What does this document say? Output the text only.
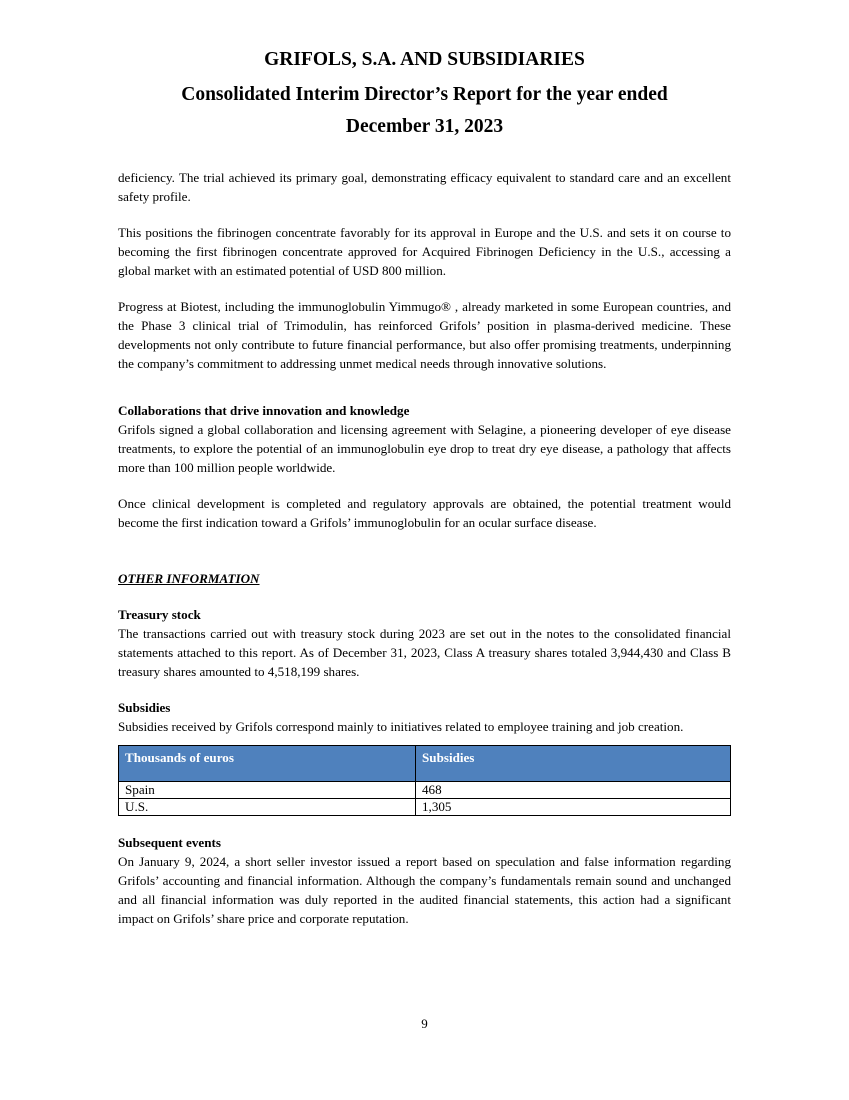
GRIFOLS, S.A. AND SUBSIDIARIES
Consolidated Interim Director’s Report for the year ended
December 31, 2023

deficiency. The trial achieved its primary goal, demonstrating efficacy equivalent to standard care and an excellent safety profile.

This positions the fibrinogen concentrate favorably for its approval in Europe and the U.S. and sets it on course to becoming the first fibrinogen concentrate approved for Acquired Fibrinogen Deficiency in the U.S., accessing a global market with an estimated potential of USD 800 million.

Progress at Biotest, including the immunoglobulin Yimmugo® , already marketed in some European countries, and the Phase 3 clinical trial of Trimodulin, has reinforced Grifols’ position in plasma-derived medicine. These developments not only contribute to future financial performance, but also offer promising treatments, underpinning the company’s commitment to addressing unmet medical needs through innovative solutions.

Collaborations that drive innovation and knowledge

Grifols signed a global collaboration and licensing agreement with Selagine, a pioneering developer of eye disease treatments, to explore the potential of an immunoglobulin eye drop to treat dry eye disease, a pathology that affects more than 100 million people worldwide.

Once clinical development is completed and regulatory approvals are obtained, the potential treatment would become the first indication toward a Grifols’ immunoglobulin for an ocular surface disease.

OTHER INFORMATION

Treasury stock

The transactions carried out with treasury stock during 2023 are set out in the notes to the consolidated financial statements attached to this report. As of December 31, 2023, Class A treasury shares totaled 3,944,430 and Class B treasury shares amounted to 4,518,199 shares.

Subsidies

Subsidies received by Grifols correspond mainly to initiatives related to employee training and job creation.

Thousands of euros	Subsidies
Spain	468
U.S.	1,305

Subsequent events

On January 9, 2024, a short seller investor issued a report based on speculation and false information regarding Grifols’ accounting and financial information. Although the company’s fundamentals remain sound and unchanged and all financial information was duly reported in the audited financial statements, this action had a significant impact on Grifols’ share price and corporate reputation.

9
